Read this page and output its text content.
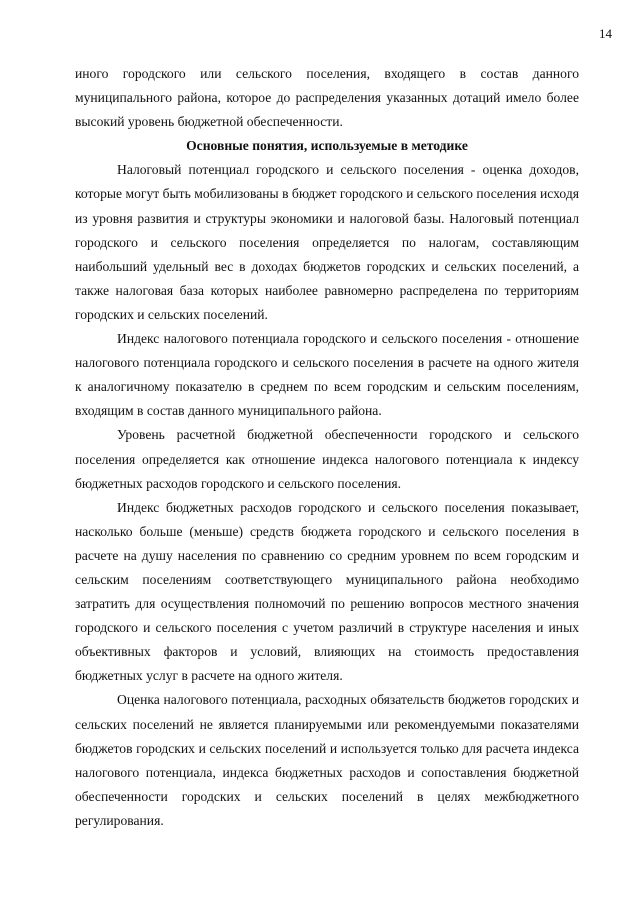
14

иного городского или сельского поселения, входящего в состав данного муниципального района, которое до распределения указанных дотаций имело более высокий уровень бюджетной обеспеченности.

Основные понятия, используемые в методике

Налоговый потенциал городского и сельского поселения - оценка доходов, которые могут быть мобилизованы в бюджет городского и сельского поселения исходя из уровня развития и структуры экономики и налоговой базы. Налоговый потенциал городского и сельского поселения определяется по налогам, составляющим наибольший удельный вес в доходах бюджетов городских и сельских поселений, а также налоговая база которых наиболее равномерно распределена по территориям городских и сельских поселений.

Индекс налогового потенциала городского и сельского поселения - отношение налогового потенциала городского и сельского поселения в расчете на одного жителя к аналогичному показателю в среднем по всем городским и сельским поселениям, входящим в состав данного муниципального района.

Уровень расчетной бюджетной обеспеченности городского и сельского поселения определяется как отношение индекса налогового потенциала к индексу бюджетных расходов городского и сельского поселения.

Индекс бюджетных расходов городского и сельского поселения показывает, насколько больше (меньше) средств бюджета городского и сельского поселения в расчете на душу населения по сравнению со средним уровнем по всем городским и сельским поселениям соответствующего муниципального района необходимо затратить для осуществления полномочий по решению вопросов местного значения городского и сельского поселения с учетом различий в структуре населения и иных объективных факторов и условий, влияющих на стоимость предоставления бюджетных услуг в расчете на одного жителя.

Оценка налогового потенциала, расходных обязательств бюджетов городских и сельских поселений не является планируемыми или рекомендуемыми показателями бюджетов городских и сельских поселений и используется только для расчета индекса налогового потенциала, индекса бюджетных расходов и сопоставления бюджетной обеспеченности городских и сельских поселений в целях межбюджетного регулирования.
